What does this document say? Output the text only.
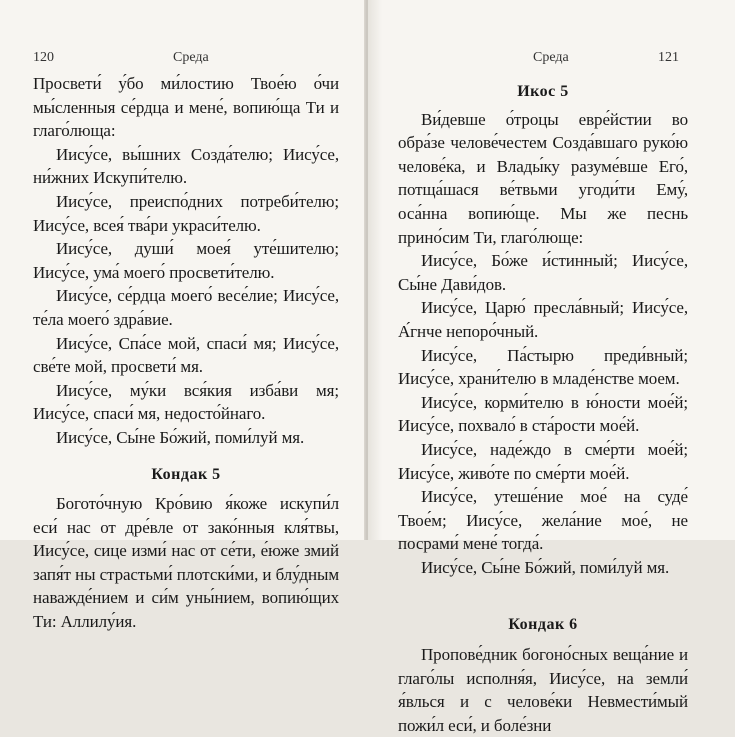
120	Среда

Просвети́ у́бо ми́лостию Твое́ю о́чи мы́сленныя се́рдца и мене́, вопию́ща Ти и глаго́люща:

Иису́се, вы́шних Созда́телю; Иису́се, ни́жних Искупи́телю.

Иису́се, преиспо́дних потреби́телю; Иису́се, всея́ тва́ри украси́телю.

Иису́се, души́ моея́ уте́шителю; Иису́се, ума́ моего́ просвети́телю.

Иису́се, се́рдца моего́ весе́лие; Иису́се, те́ла моего́ здра́вие.

Иису́се, Спа́се мой, спаси́ мя; Иису́се, све́те мой, просвети́ мя.

Иису́се, му́ки вся́кия изба́ви мя; Иису́се, спаси́ мя, недосто́йнаго.

Иису́се, Сы́не Бо́жий, поми́луй мя.

Кондак 5

Богото́чную Кро́вию я́коже искупи́л еси́ нас от дре́вле от зако́нныя кля́твы, Иису́се, сице изми́ нас от се́ти, е́юже змий запя́т ны страстьми́ плотски́ми, и блу́дным наважде́нием и си́м уны́нием, вопию́щих Ти: Аллилу́ия.

Среда	121
Икос 5

Ви́девше о́троцы евре́йстии во обра́зе челове́честем Созда́вшаго руко́ю челове́ка, и Влады́ку разуме́вше Его́, потща́шася ве́твьми угоди́ти Ему́, оса́нна вопию́ще. Мы же песнь прино́сим Ти, глаго́люще:

Иису́се, Бо́же и́стинный; Иису́се, Сы́не Дави́дов.

Иису́се, Царю́ пресла́вный; Иису́се, А́гнче непоро́чный.

Иису́се, Па́стырю преди́вный; Иису́се, храни́телю в младе́нстве моем.

Иису́се, корми́телю в ю́ности мое́й; Иису́се, похвало́ в ста́рости мое́й.

Иису́се, наде́ждо в сме́рти мое́й; Иису́се, живо́те по сме́рти мое́й.

Иису́се, утеше́ние мое́ на суде́ Твое́м; Иису́се, жела́ние мое́, не посрами́ мене́ тогда́.

Иису́се, Сы́не Бо́жий, поми́луй мя.

Кондак 6

Пропове́дник богоно́сных веща́ние и глаго́лы исполня́я, Иису́се, на земли́ я́влься и с челове́ки Невмести́мый пожи́л еси́, и боле́зни
